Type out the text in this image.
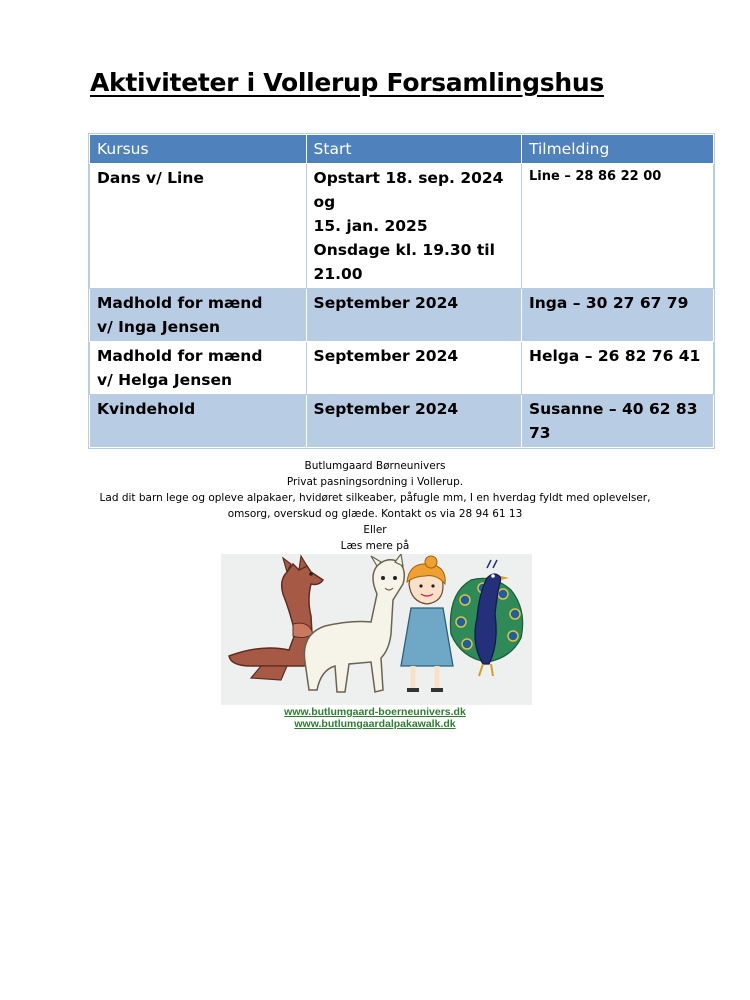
Aktiviteter i Vollerup Forsamlingshus
Kursus	Start	Tilmelding

Dans v/ Line	Opstart 18. sep. 2024 og
15. jan. 2025
Onsdage kl. 19.30 til
21.00	Line – 28 86 22 00

Madhold for mænd
v/ Inga Jensen	September 2024	Inga – 30 27 67 79

Madhold for mænd
v/ Helga Jensen	September 2024	Helga – 26 82 76 41

Kvindehold	September 2024	Susanne – 40 62 83 73
Butlumgaard Børneunivers
Privat pasningsordning i Vollerup.
Lad dit barn lege og opleve alpakaer, hvidøret silkeaber, påfugle mm, I en hverdag fyldt med oplevelser,
omsorg, overskud og glæde. Kontakt os via 28 94 61 13
Eller
Læs mere på
www.butlumgaard-boerneunivers.dk
www.butlumgaardalpakawalk.dk
